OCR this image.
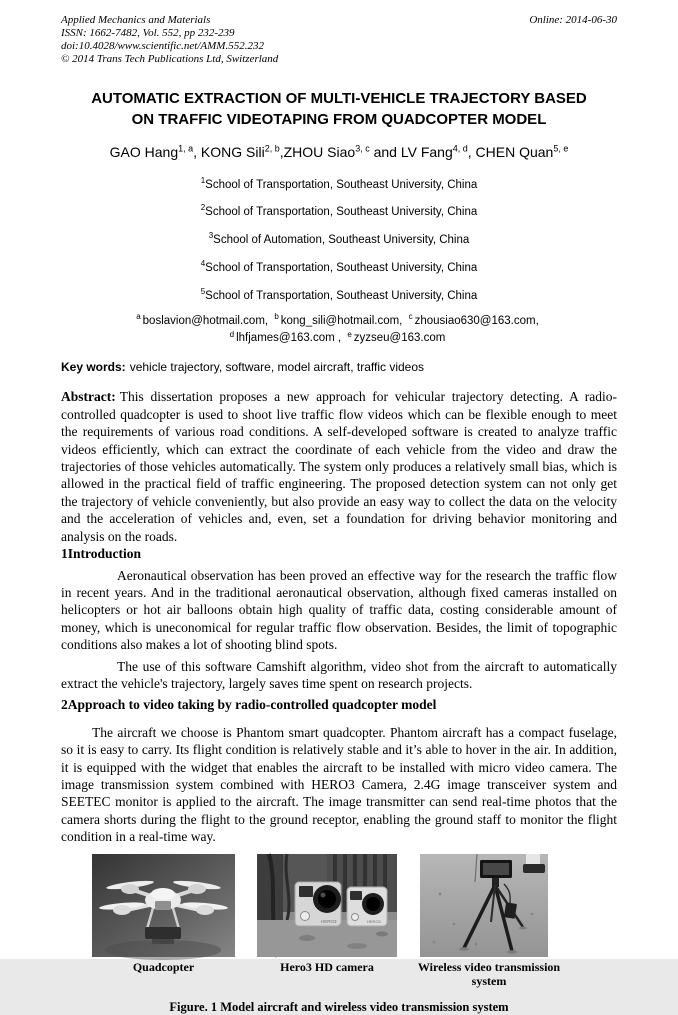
Applied Mechanics and Materials
ISSN: 1662-7482, Vol. 552, pp 232-239
doi:10.4028/www.scientific.net/AMM.552.232
© 2014 Trans Tech Publications Ltd, Switzerland
Online: 2014-06-30
AUTOMATIC EXTRACTION OF MULTI-VEHICLE TRAJECTORY BASED
ON TRAFFIC VIDEOTAPING FROM QUADCOPTER MODEL
GAO Hang$^{1, a}$, KONG Sili$^{2, b}$,ZHOU Siao$^{3, c}$ and LV Fang$^{4, d}$, CHEN Quan$^{5, e}$
$^1$School of Transportation, Southeast University, China
$^2$School of Transportation, Southeast University, China
$^3$School of Automation, Southeast University, China
$^4$School of Transportation, Southeast University, China
$^5$School of Transportation, Southeast University, China
$^a$ boslavion@hotmail.com, $^b$ kong_sili@hotmail.com, $^c$ zhousiao630@163.com,
$^d$ lhfjames@163.com , $^e$ zyzseu@163.com
Key words: vehicle trajectory, software, model aircraft, traffic videos

Abstract: This dissertation proposes a new approach for vehicular trajectory detecting. A radio-controlled quadcopter is used to shoot live traffic flow videos which can be flexible enough to meet the requirements of various road conditions. A self-developed software is created to analyze traffic videos efficiently, which can extract the coordinate of each vehicle from the video and draw the trajectories of those vehicles automatically. The system only produces a relatively small bias, which is allowed in the practical field of traffic engineering. The proposed detection system can not only get the trajectory of vehicle conveniently, but also provide an easy way to collect the data on the velocity and the acceleration of vehicles and, even, set a foundation for driving behavior monitoring and analysis on the roads.

1Introduction

Aeronautical observation has been proved an effective way for the research the traffic flow in recent years. And in the traditional aeronautical observation, although fixed cameras installed on helicopters or hot air balloons obtain high quality of traffic data, costing considerable amount of money, which is uneconomical for regular traffic flow observation. Besides, the limit of topographic conditions also makes a lot of shooting blind spots.

The use of this software Camshift algorithm, video shot from the aircraft to automatically extract the vehicle's trajectory, largely saves time spent on research projects.

2Approach to video taking by radio-controlled quadcopter model

The aircraft we choose is Phantom smart quadcopter. Phantom aircraft has a compact fuselage, so it is easy to carry. Its flight condition is relatively stable and it’s able to hover in the air. In addition, it is equipped with the widget that enables the aircraft to be installed with micro video camera. The image transmission system combined with HERO3 Camera, 2.4G image transceiver system and SEETEC monitor is applied to the aircraft. The image transmitter can send real-time photos that the camera shorts during the flight to the ground receptor, enabling the ground staff to monitor the flight condition in a real-time way.

HERO3	HERO3
Quadcopter	Hero3 HD camera	Wireless video transmission system
Figure. 1 Model aircraft and wireless video transmission system
